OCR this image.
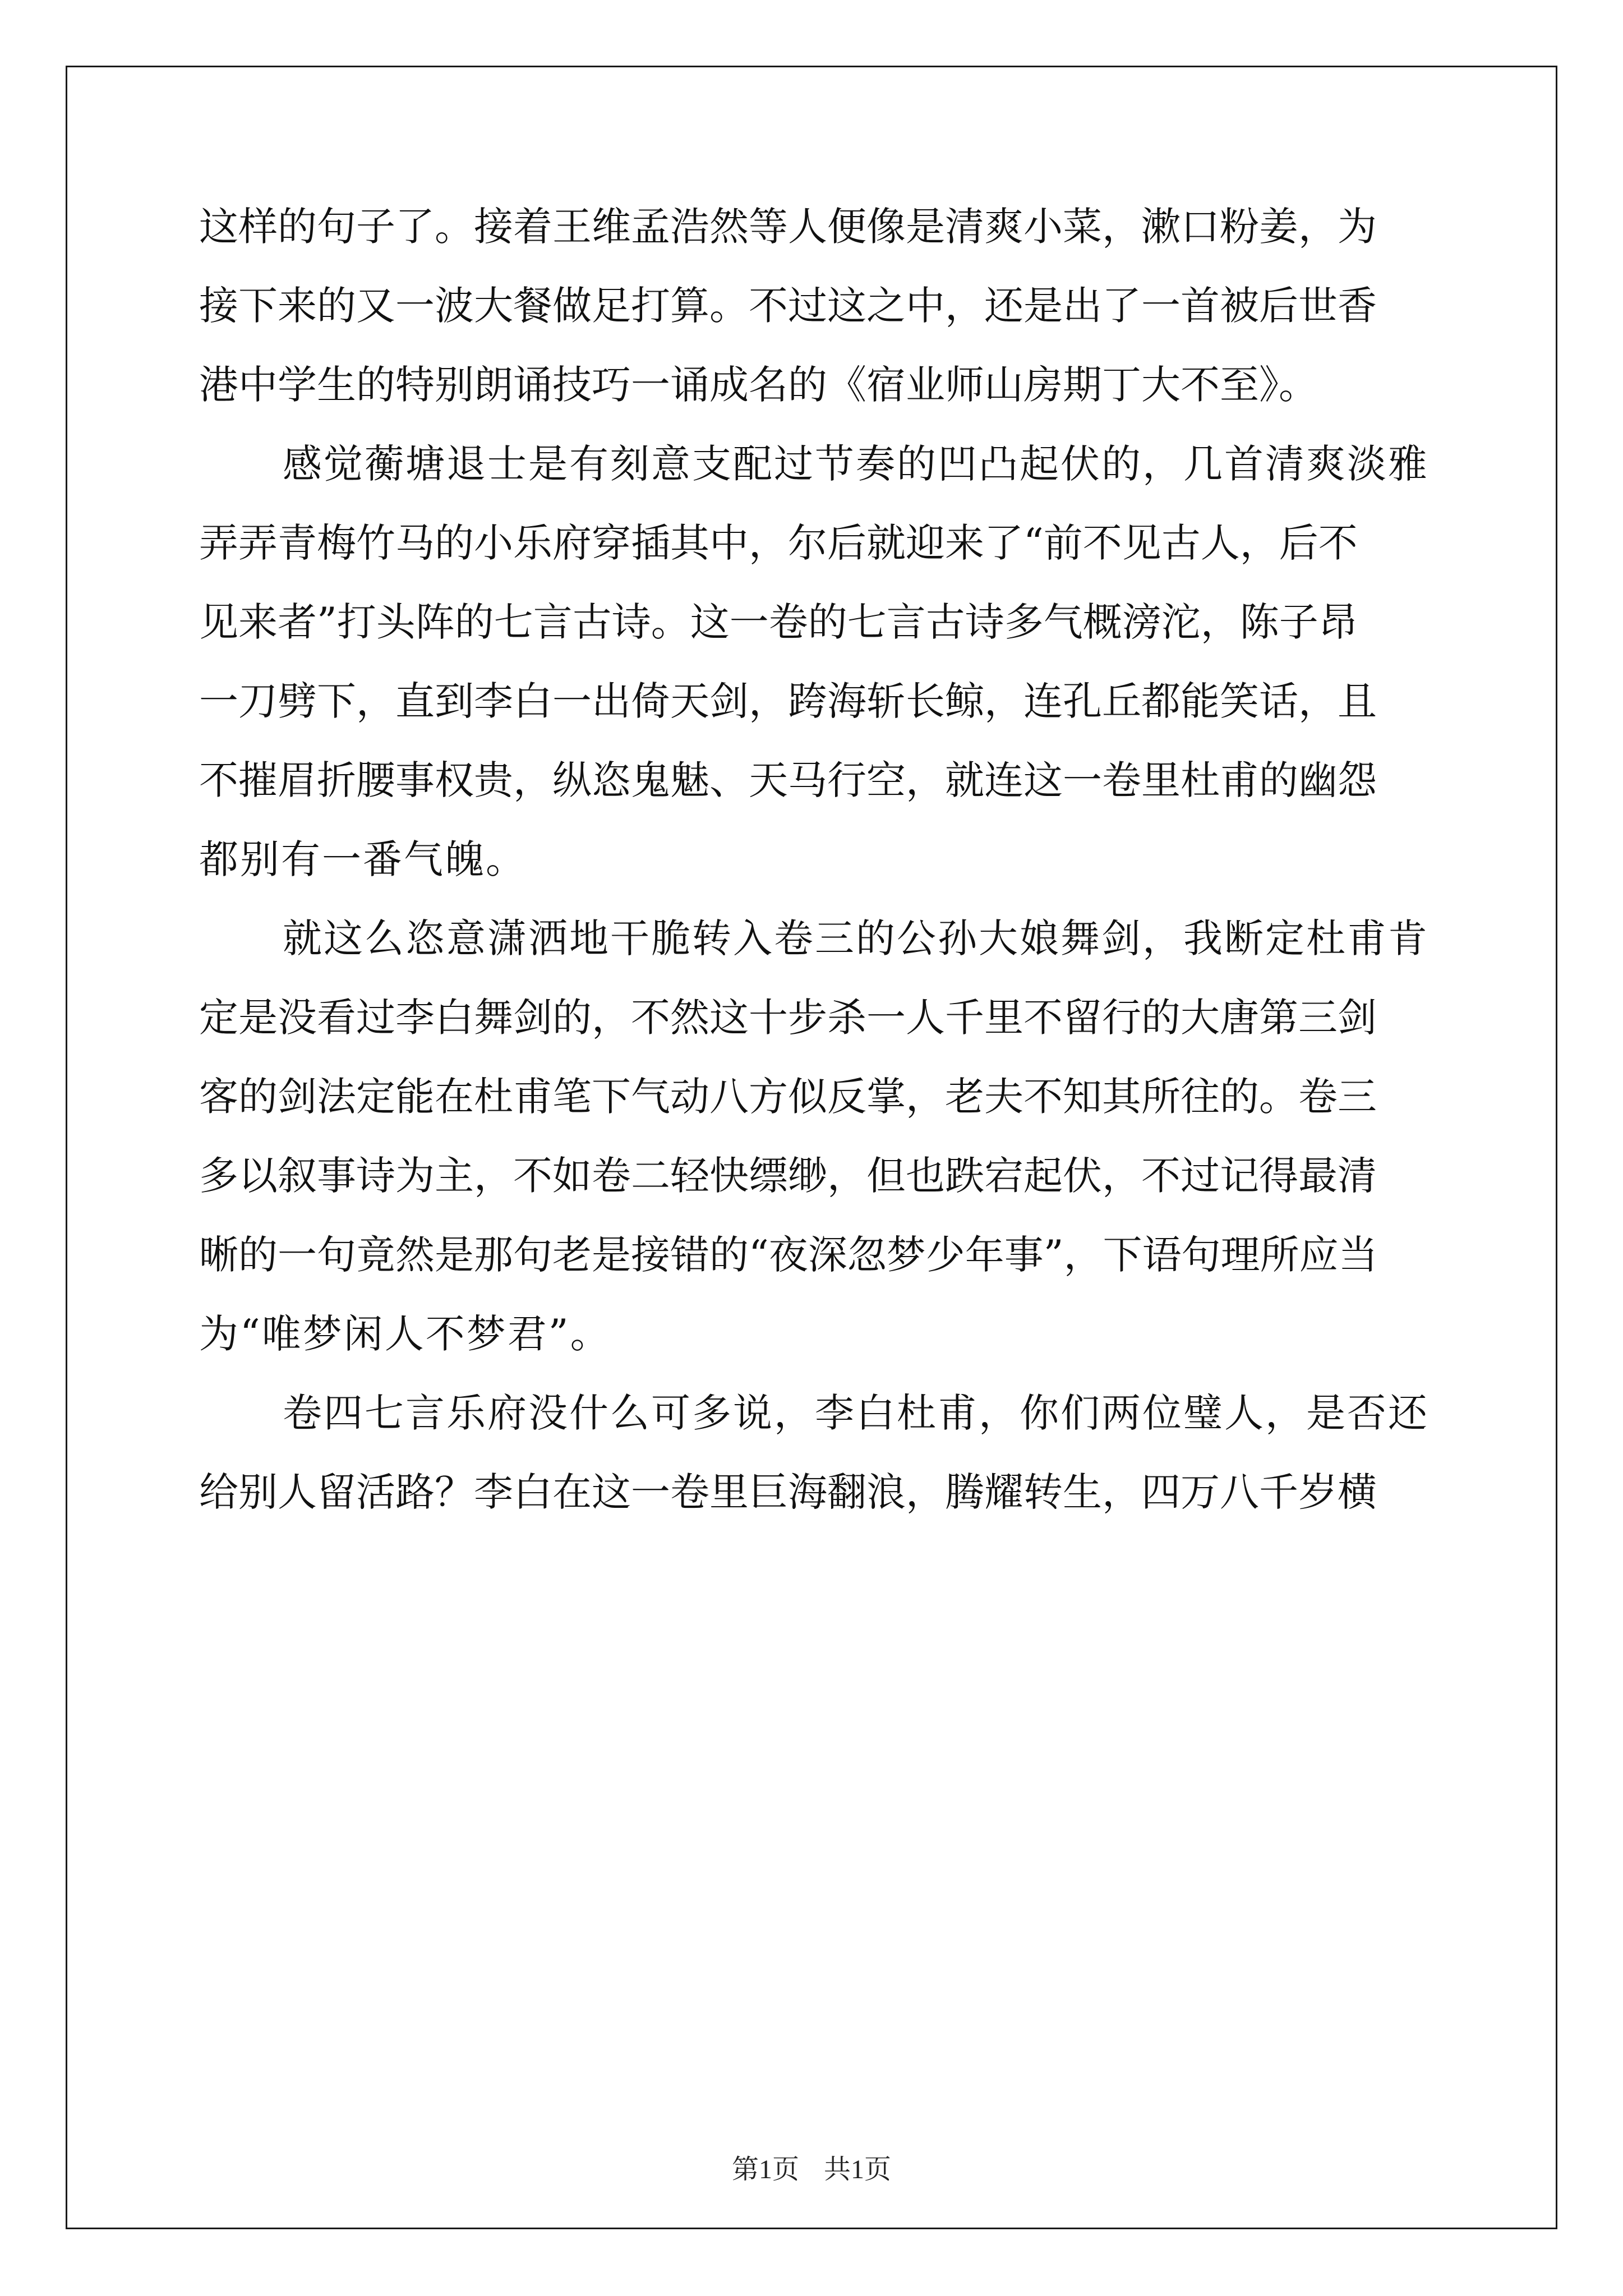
这样的句子了。接着王维孟浩然等人便像是清爽小菜，漱口粉姜，为
接下来的又一波大餐做足打算。不过这之中，还是出了一首被后世香
港中学生的特别朗诵技巧一诵成名的《宿业师山房期丁大不至》。
感觉蘅塘退士是有刻意支配过节奏的凹凸起伏的，几首清爽淡雅
弄弄青梅竹马的小乐府穿插其中，尔后就迎来了“前不见古人，后不
见来者”打头阵的七言古诗。这一卷的七言古诗多气概滂沱，陈子昂
一刀劈下，直到李白一出倚天剑，跨海斩长鲸，连孔丘都能笑话，且
不摧眉折腰事权贵，纵恣鬼魅、天马行空，就连这一卷里杜甫的幽怨
都别有一番气魄。
就这么恣意潇洒地干脆转入卷三的公孙大娘舞剑，我断定杜甫肯
定是没看过李白舞剑的，不然这十步杀一人千里不留行的大唐第三剑
客的剑法定能在杜甫笔下气动八方似反掌，老夫不知其所往的。卷三
多以叙事诗为主，不如卷二轻快缥缈，但也跌宕起伏，不过记得最清
晰的一句竟然是那句老是接错的“夜深忽梦少年事”，下语句理所应当
为“唯梦闲人不梦君”。
卷四七言乐府没什么可多说，李白杜甫，你们两位璧人，是否还
给别人留活路？李白在这一卷里巨海翻浪，腾耀转生，四万八千岁横
第1页 共1页
